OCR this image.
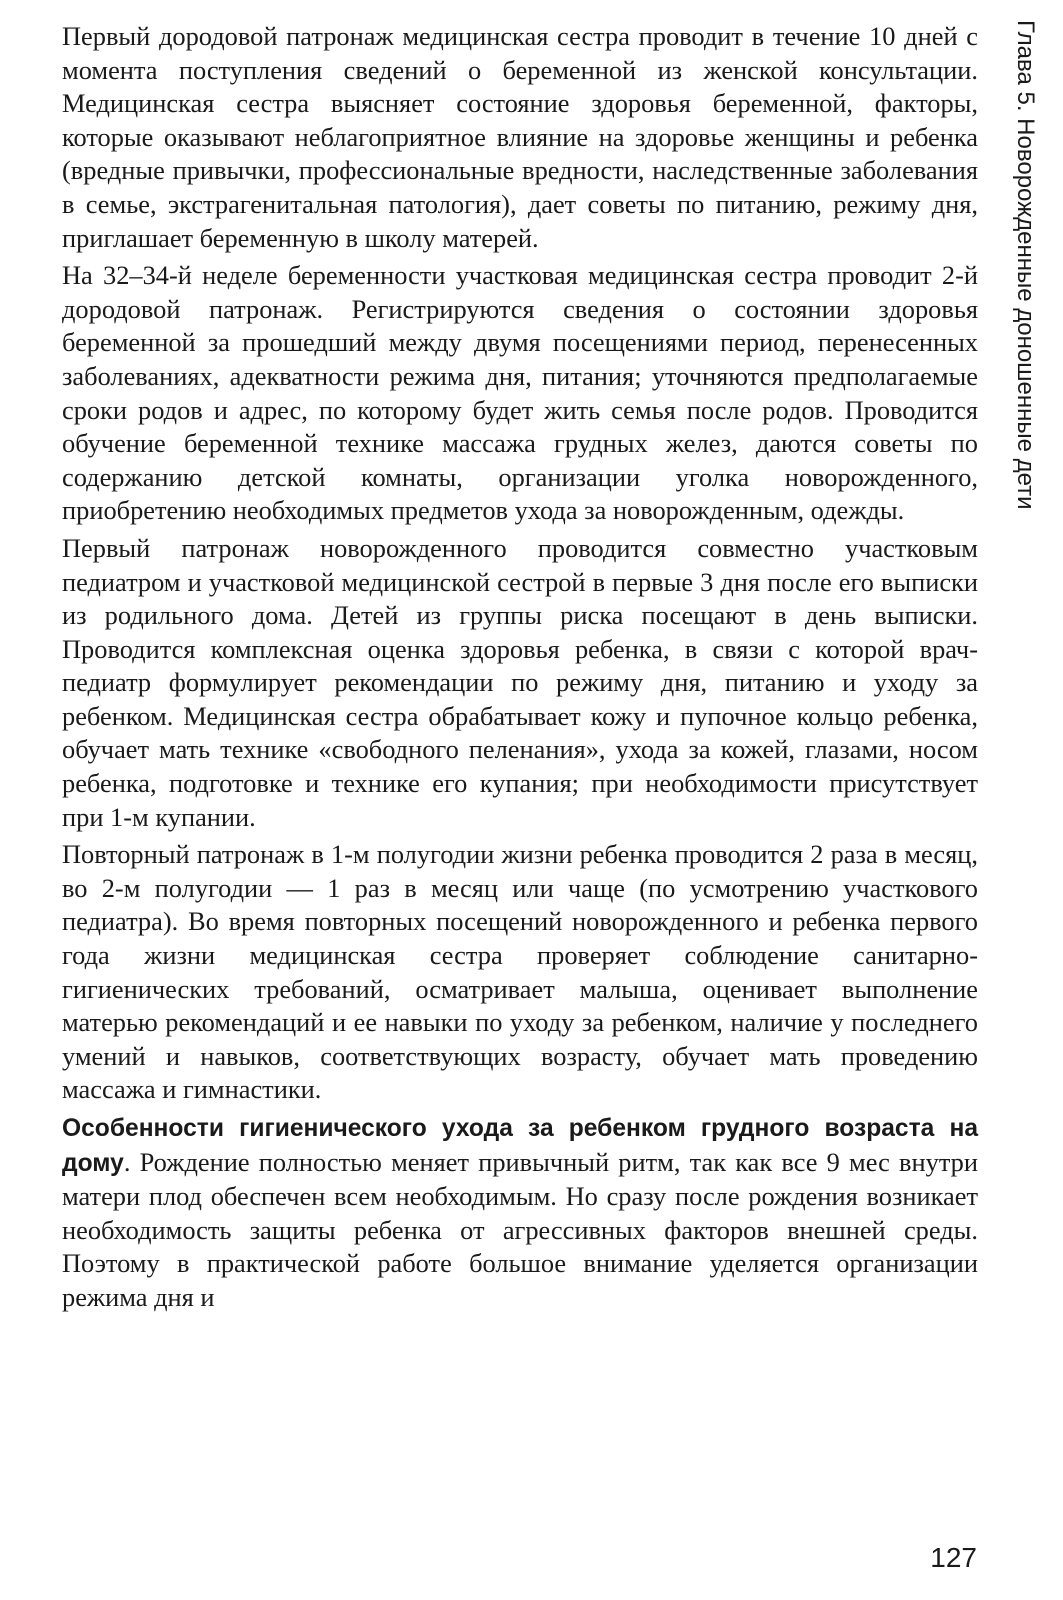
Глава 5. Новорожденные доношенные дети

Первый дородовой патронаж медицинская сестра проводит в течение 10 дней с момента поступления сведений о беременной из женской консультации. Медицинская сестра выясняет состояние здоровья беременной, факторы, которые оказывают неблагоприятное влияние на здоровье женщины и ребенка (вредные привычки, профессиональные вредности, наследственные заболевания в семье, экстрагенитальная патология), дает советы по питанию, режиму дня, приглашает беременную в школу матерей.

На 32–34-й неделе беременности участковая медицинская сестра проводит 2-й дородовой патронаж. Регистрируются сведения о состоянии здоровья беременной за прошедший между двумя посещениями период, перенесенных заболеваниях, адекватности режима дня, питания; уточняются предполагаемые сроки родов и адрес, по которому будет жить семья после родов. Проводится обучение беременной технике массажа грудных желез, даются советы по содержанию детской комнаты, организации уголка новорожденного, приобретению необходимых предметов ухода за новорожденным, одежды.

Первый патронаж новорожденного проводится совместно участковым педиатром и участковой медицинской сестрой в первые 3 дня после его выписки из родильного дома. Детей из группы риска посещают в день выписки. Проводится комплексная оценка здоровья ребенка, в связи с которой врач-педиатр формулирует рекомендации по режиму дня, питанию и уходу за ребенком. Медицинская сестра обрабатывает кожу и пупочное кольцо ребенка, обучает мать технике «свободного пеленания», ухода за кожей, глазами, носом ребенка, подготовке и технике его купания; при необходимости присутствует при 1-м купании.

Повторный патронаж в 1-м полугодии жизни ребенка проводится 2 раза в месяц, во 2-м полугодии — 1 раз в месяц или чаще (по усмотрению участкового педиатра). Во время повторных посещений новорожденного и ребенка первого года жизни медицинская сестра проверяет соблюдение санитарно-гигиенических требований, осматривает малыша, оценивает выполнение матерью рекомендаций и ее навыки по уходу за ребенком, наличие у последнего умений и навыков, соответствующих возрасту, обучает мать проведению массажа и гимнастики.

Особенности гигиенического ухода за ребенком грудного возраста на дому. Рождение полностью меняет привычный ритм, так как все 9 мес внутри матери плод обеспечен всем необходимым. Но сразу после рождения возникает необходимость защиты ребенка от агрессивных факторов внешней среды. Поэтому в практической работе большое внимание уделяется организации режима дня и

127
